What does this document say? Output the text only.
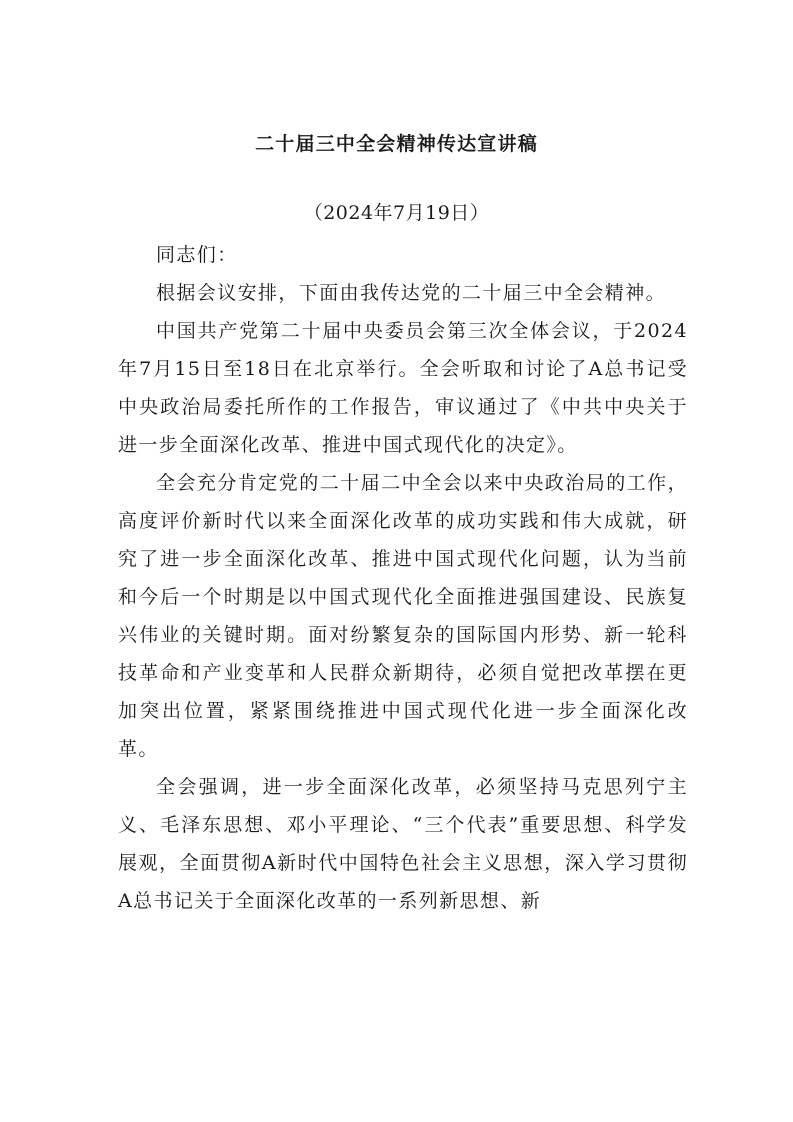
二十届三中全会精神传达宣讲稿
（2024年7月19日）

同志们：

根据会议安排，下面由我传达党的二十届三中全会精神。

中国共产党第二十届中央委员会第三次全体会议，于2024年7月15日至18日在北京举行。全会听取和讨论了A总书记受中央政治局委托所作的工作报告，审议通过了《中共中央关于进一步全面深化改革、推进中国式现代化的决定》。

全会充分肯定党的二十届二中全会以来中央政治局的工作，高度评价新时代以来全面深化改革的成功实践和伟大成就，研究了进一步全面深化改革、推进中国式现代化问题，认为当前和今后一个时期是以中国式现代化全面推进强国建设、民族复兴伟业的关键时期。面对纷繁复杂的国际国内形势、新一轮科技革命和产业变革和人民群众新期待，必须自觉把改革摆在更加突出位置，紧紧围绕推进中国式现代化进一步全面深化改革。

全会强调，进一步全面深化改革，必须坚持马克思列宁主义、毛泽东思想、邓小平理论、“三个代表”重要思想、科学发展观，全面贯彻A新时代中国特色社会主义思想，深入学习贯彻A总书记关于全面深化改革的一系列新思想、新
